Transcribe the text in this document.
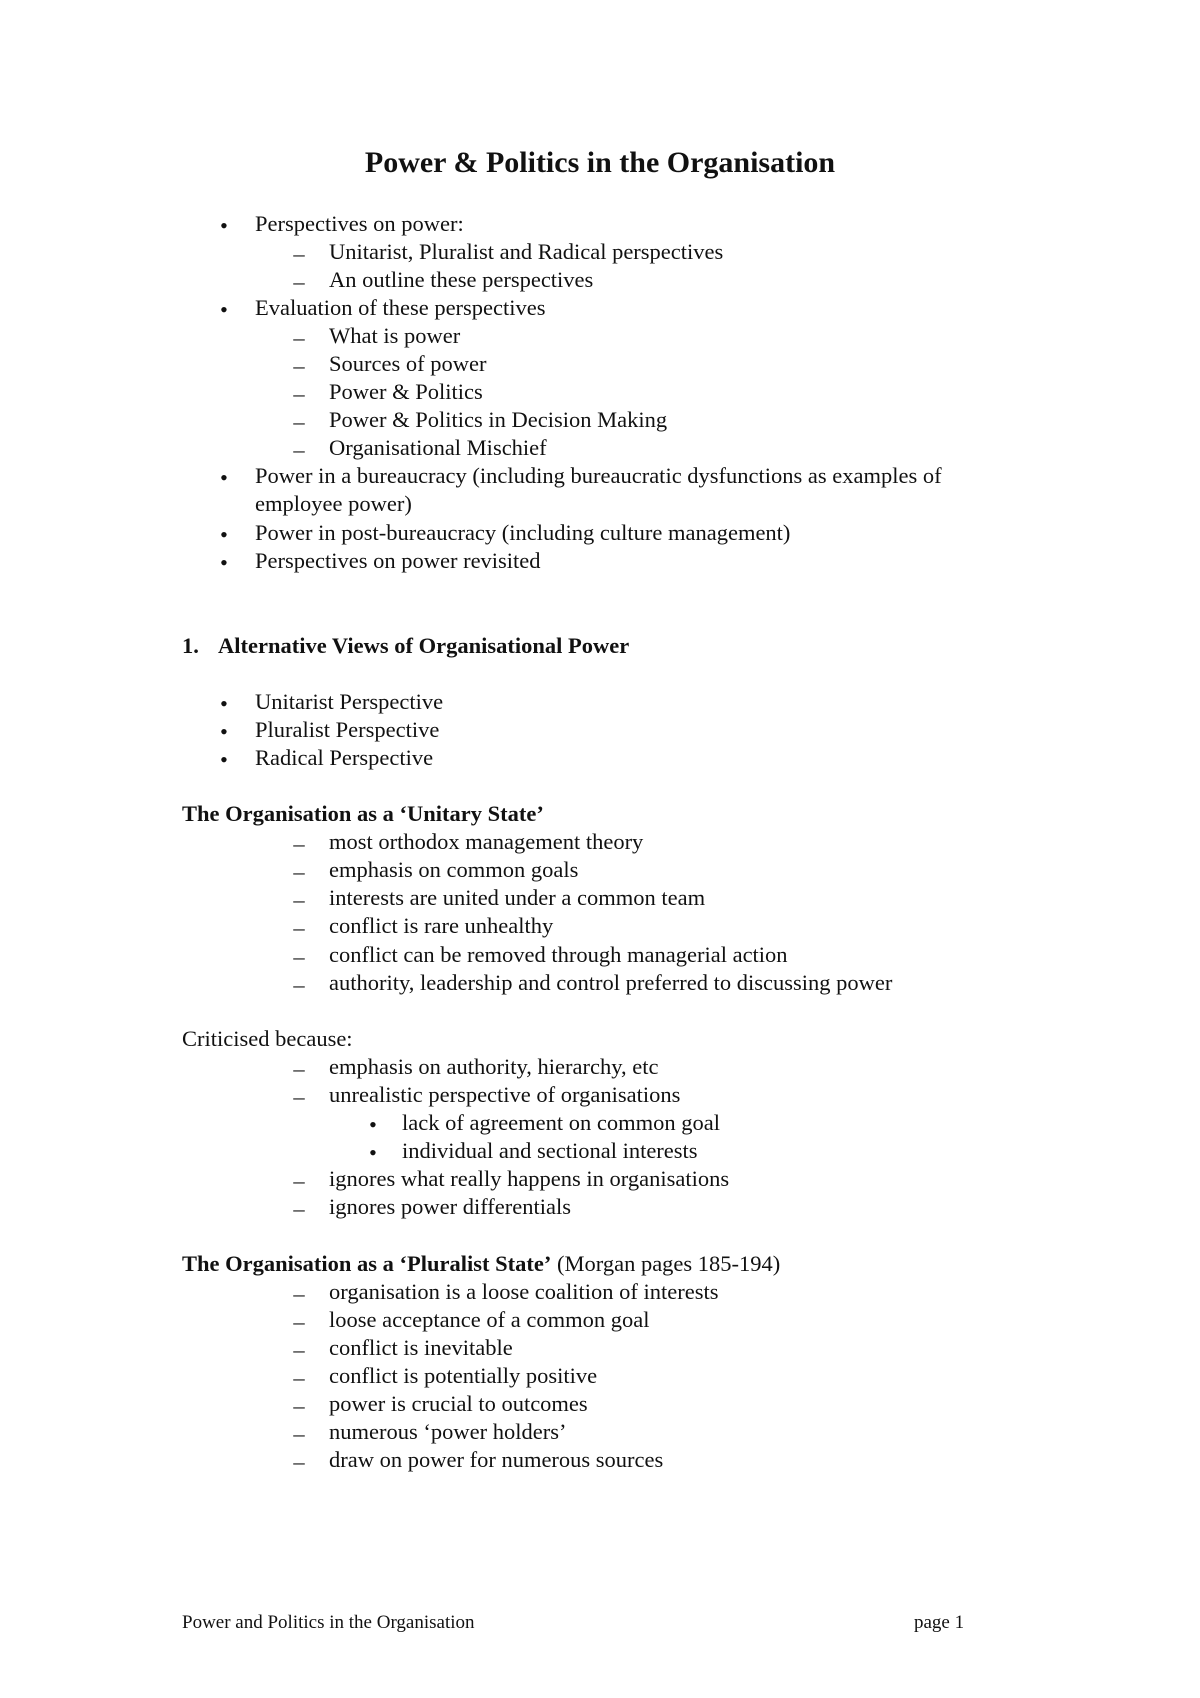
Power & Politics in the Organisation
• Perspectives on power:
– Unitarist, Pluralist and Radical perspectives
– An outline these perspectives
• Evaluation of these perspectives
– What is power
– Sources of power
– Power & Politics
– Power & Politics in Decision Making
– Organisational Mischief
• Power in a bureaucracy (including bureaucratic dysfunctions as examples of
employee power)
• Power in post-bureaucracy (including culture management)
• Perspectives on power revisited
1. Alternative Views of Organisational Power
• Unitarist Perspective
• Pluralist Perspective
• Radical Perspective
The Organisation as a ‘Unitary State’
– most orthodox management theory
– emphasis on common goals
– interests are united under a common team
– conflict is rare unhealthy
– conflict can be removed through managerial action
– authority, leadership and control preferred to discussing power
Criticised because:
– emphasis on authority, hierarchy, etc
– unrealistic perspective of organisations
• lack of agreement on common goal
• individual and sectional interests
– ignores what really happens in organisations
– ignores power differentials
The Organisation as a ‘Pluralist State’ (Morgan pages 185-194)
– organisation is a loose coalition of interests
– loose acceptance of a common goal
– conflict is inevitable
– conflict is potentially positive
– power is crucial to outcomes
– numerous ‘power holders’
– draw on power for numerous sources
Power and Politics in the Organisation	page 1
